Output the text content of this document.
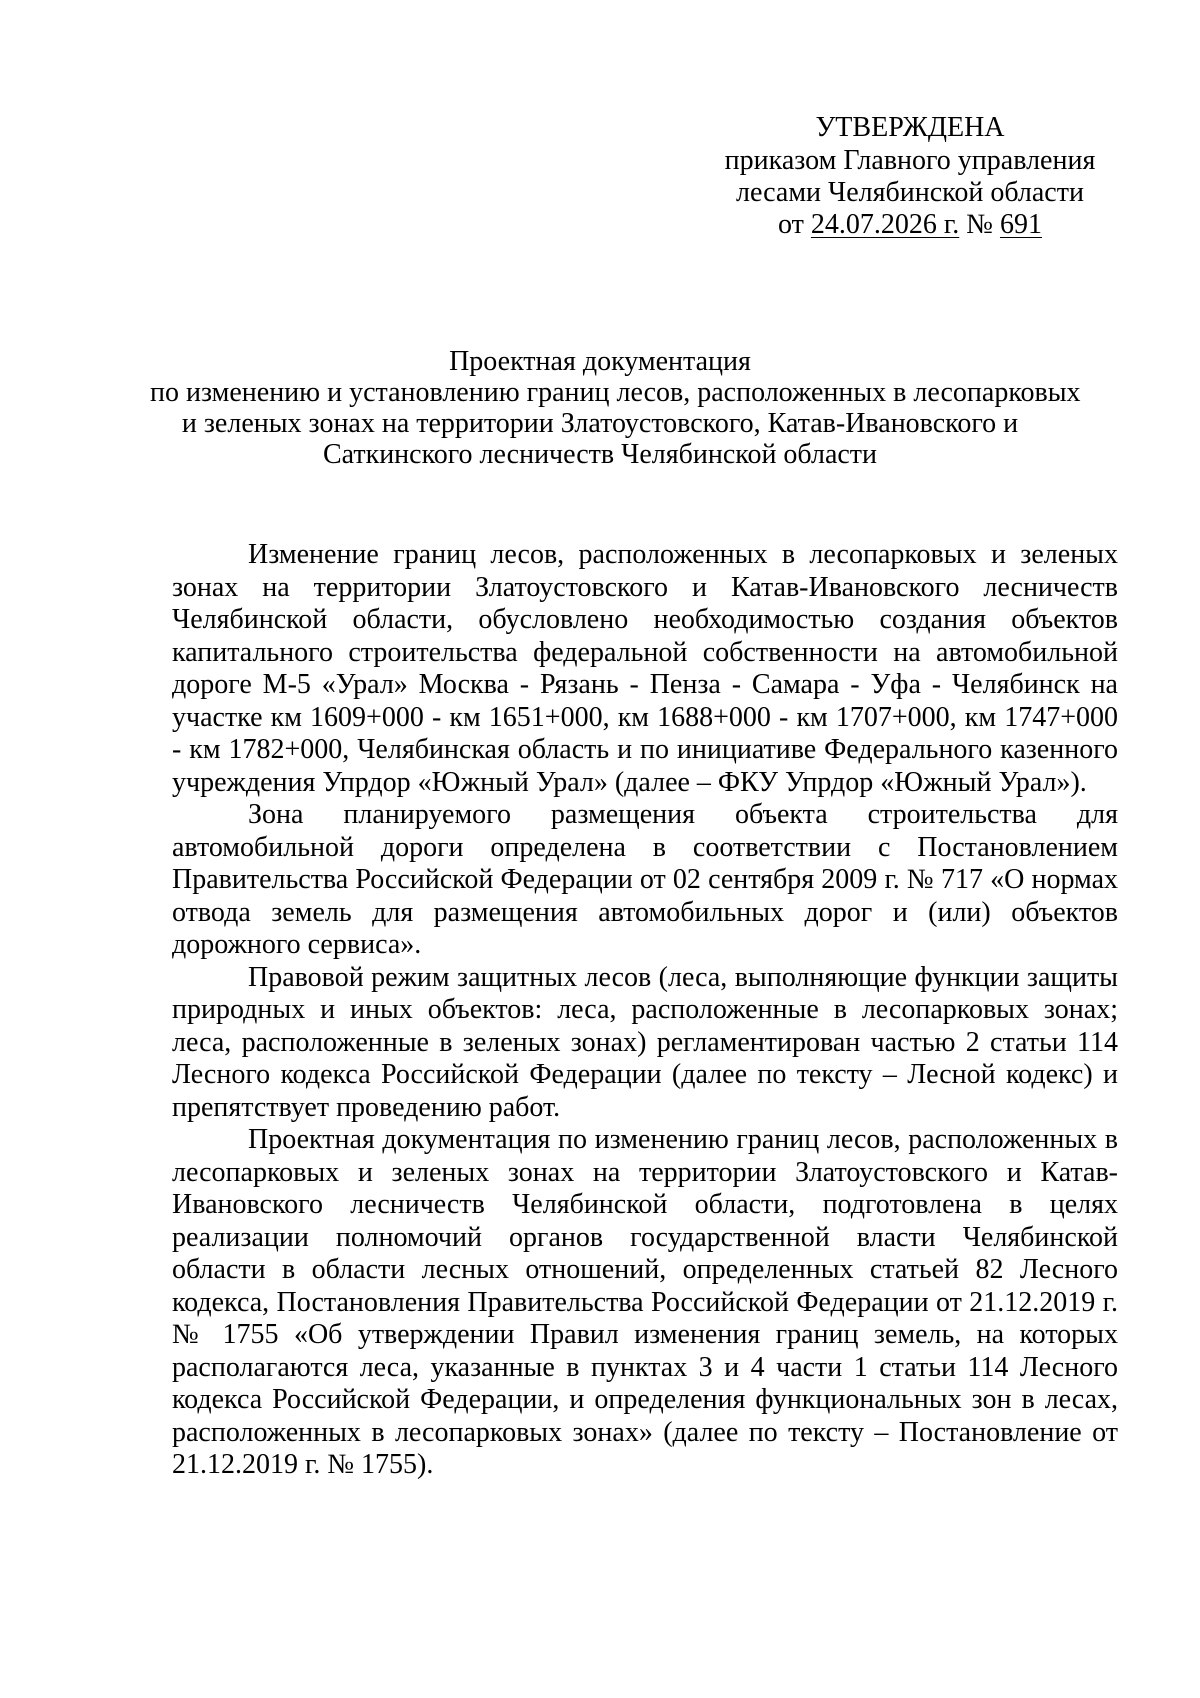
УТВЕРЖДЕНА
приказом Главного управления
лесами Челябинской области
от 24.07.2026 г. № 691
Проектная документация
по изменению и установлению границ лесов, расположенных в лесопарковых
и зеленых зонах на территории Златоустовского, Катав-Ивановского и
Саткинского лесничеств Челябинской области

Изменение границ лесов, расположенных в лесопарковых и зеленых зонах на территории Златоустовского и Катав-Ивановского лесничеств Челябинской области, обусловлено необходимостью создания объектов капитального строительства федеральной собственности на автомобильной дороге М-5 «Урал» Москва - Рязань - Пенза - Самара - Уфа - Челябинск на участке км 1609+000 - км 1651+000, км 1688+000 - км 1707+000, км 1747+000 - км 1782+000, Челябинская область и по инициативе Федерального казенного учреждения Упрдор «Южный Урал» (далее – ФКУ Упрдор «Южный Урал»).

Зона планируемого размещения объекта строительства для автомобильной дороги определена в соответствии с Постановлением Правительства Российской Федерации от 02 сентября 2009 г. № 717 «О нормах отвода земель для размещения автомобильных дорог и (или) объектов дорожного сервиса».

Правовой режим защитных лесов (леса, выполняющие функции защиты природных и иных объектов: леса, расположенные в лесопарковых зонах; леса, расположенные в зеленых зонах) регламентирован частью 2 статьи 114 Лесного кодекса Российской Федерации (далее по тексту – Лесной кодекс) и препятствует проведению работ.

Проектная документация по изменению границ лесов, расположенных в лесопарковых и зеленых зонах на территории Златоустовского и Катав-Ивановского лесничеств Челябинской области, подготовлена в целях реализации полномочий органов государственной власти Челябинской области в области лесных отношений, определенных статьей 82 Лесного кодекса, Постановления Правительства Российской Федерации от 21.12.2019 г. № 1755 «Об утверждении Правил изменения границ земель, на которых располагаются леса, указанные в пунктах 3 и 4 части 1 статьи 114 Лесного кодекса Российской Федерации, и определения функциональных зон в лесах, расположенных в лесопарковых зонах» (далее по тексту – Постановление от 21.12.2019 г. № 1755).
